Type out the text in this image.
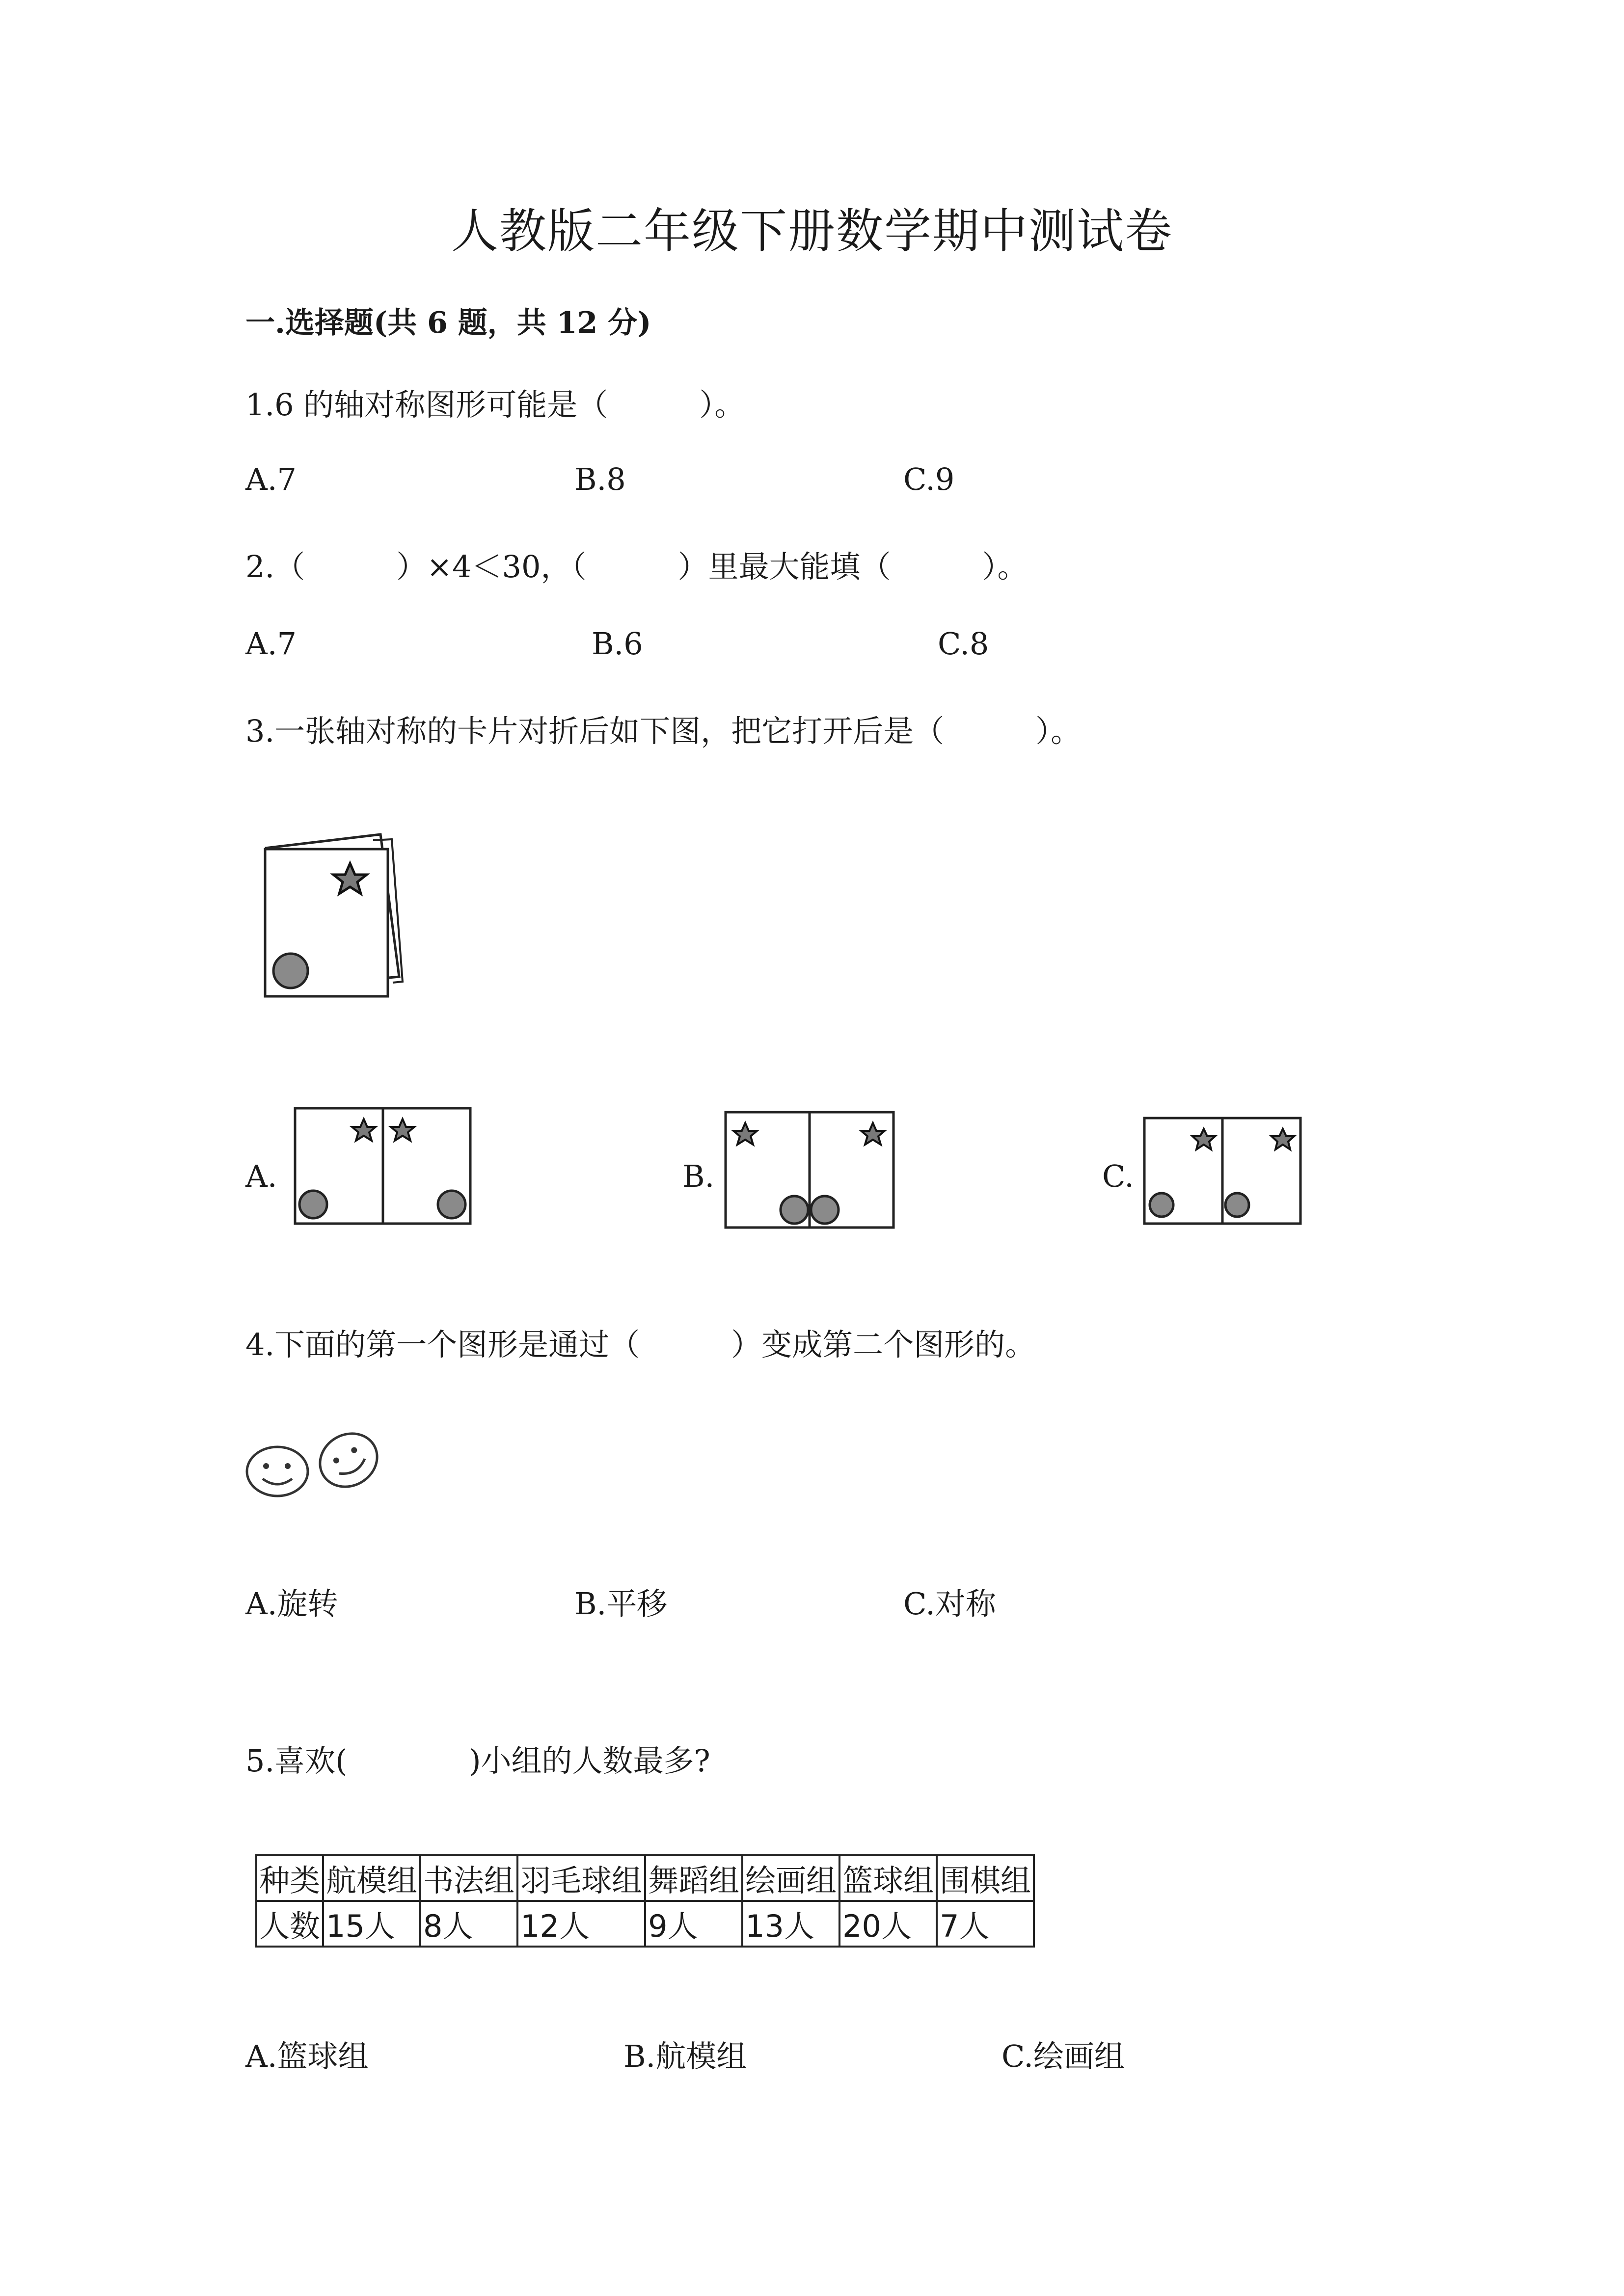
人教版二年级下册数学期中测试卷
一.选择题(共 6 题，共 12 分)
1.6 的轴对称图形可能是（　　　）。
A.7	B.8	C.9
2.（　　　）×4＜30，（　　　）里最大能填（　　　）。
A.7	B.6	C.8
3.一张轴对称的卡片对折后如下图，把它打开后是（　　　）。
A.	B.	C.
4.下面的第一个图形是通过（　　　）变成第二个图形的。
A.旋转	B.平移	C.对称
5.喜欢(　　　　)小组的人数最多?
种类	航模组	书法组	羽毛球组	舞蹈组	绘画组	篮球组	围棋组
人数	15人	8人	12人	9人	13人	20人	7人
A.篮球组	B.航模组	C.绘画组
